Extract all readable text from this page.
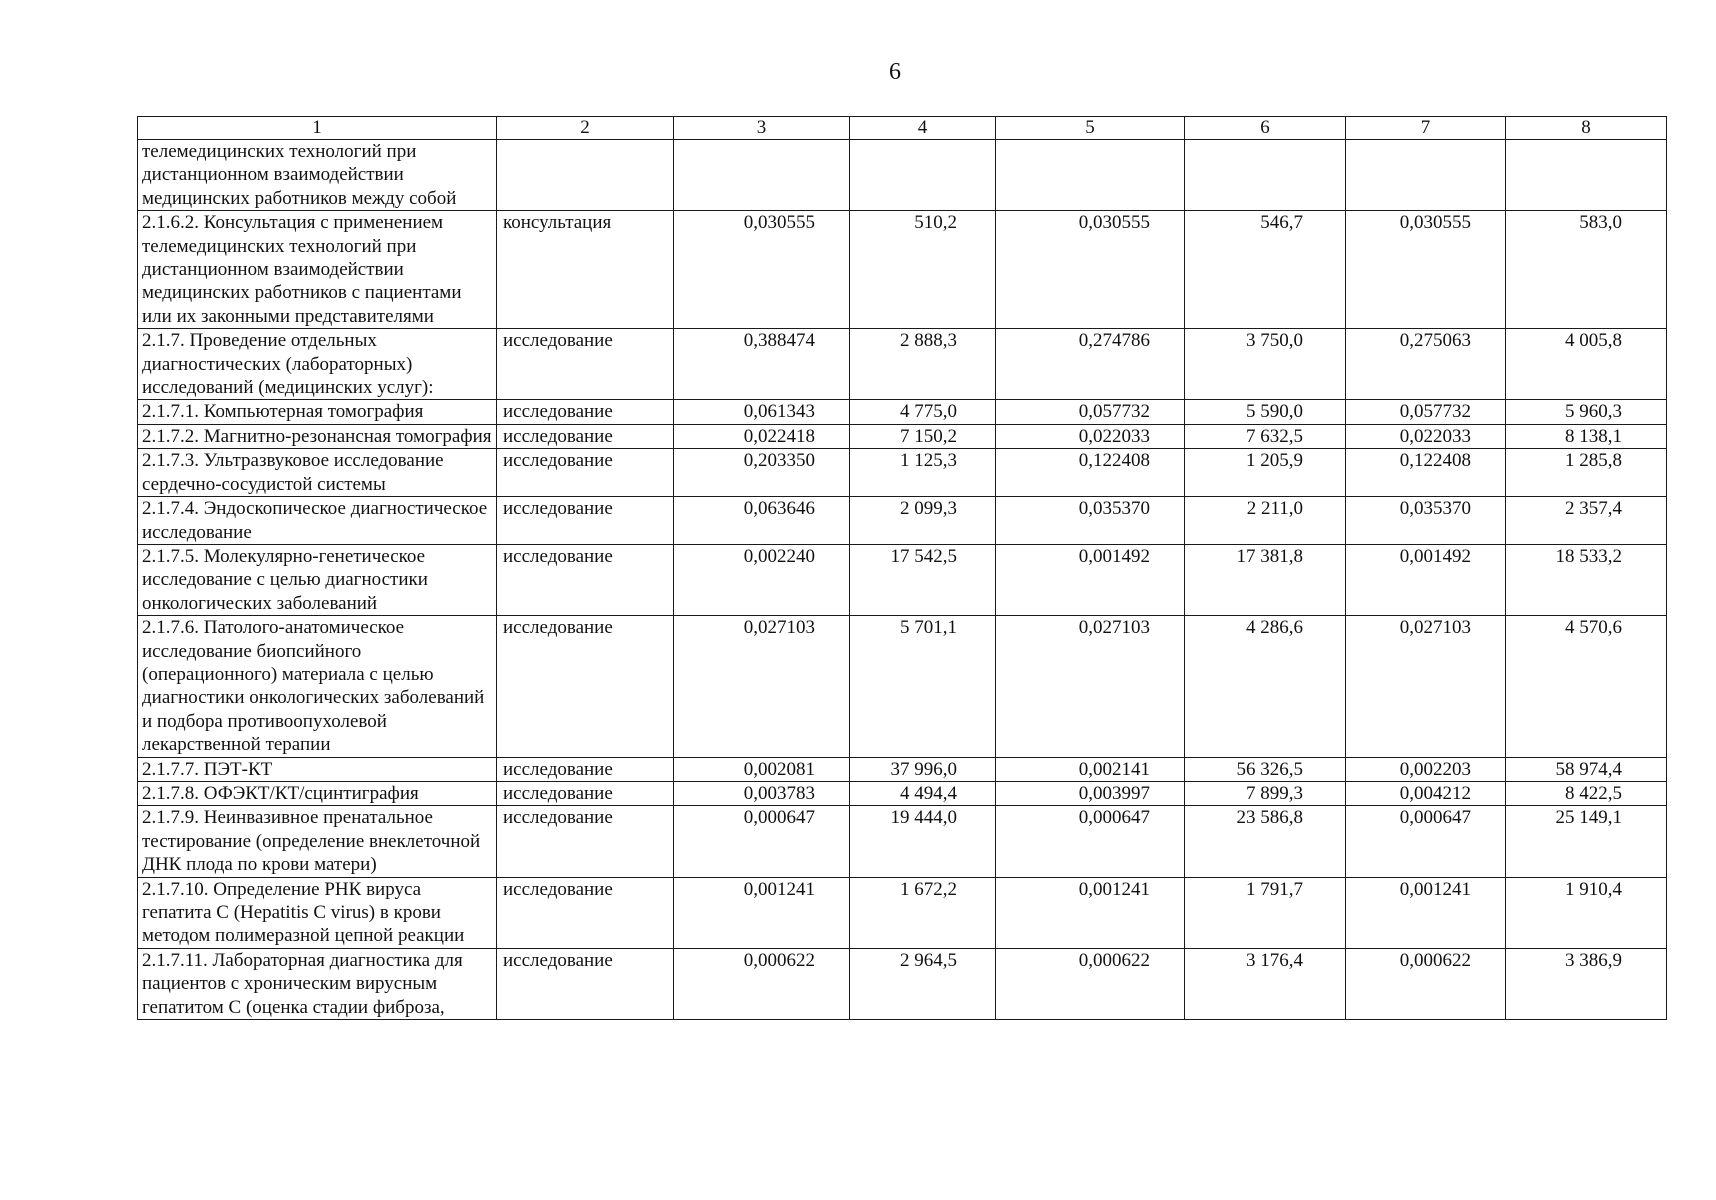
6
1	2	3	4	5	6	7	8
телемедицинских технологий при дистанционном взаимодействии медицинских работников между собой							
2.1.6.2. Консультация с применением телемедицинских технологий при дистанционном взаимодействии медицинских работников с пациентами или их законными представителями	консультация	0,030555	510,2	0,030555	546,7	0,030555	583,0
2.1.7. Проведение отдельных диагностических (лабораторных) исследований (медицинских услуг):	исследование	0,388474	2 888,3	0,274786	3 750,0	0,275063	4 005,8
2.1.7.1. Компьютерная томография	исследование	0,061343	4 775,0	0,057732	5 590,0	0,057732	5 960,3
2.1.7.2. Магнитно-резонансная томография	исследование	0,022418	7 150,2	0,022033	7 632,5	0,022033	8 138,1
2.1.7.3. Ультразвуковое исследование сердечно-сосудистой системы	исследование	0,203350	1 125,3	0,122408	1 205,9	0,122408	1 285,8
2.1.7.4. Эндоскопическое диагностическое исследование	исследование	0,063646	2 099,3	0,035370	2 211,0	0,035370	2 357,4
2.1.7.5. Молекулярно-генетическое исследование с целью диагностики онкологических заболеваний	исследование	0,002240	17 542,5	0,001492	17 381,8	0,001492	18 533,2
2.1.7.6. Патолого-анатомическое исследование биопсийного (операционного) материала с целью диагностики онкологических заболеваний и подбора противоопухолевой лекарственной терапии	исследование	0,027103	5 701,1	0,027103	4 286,6	0,027103	4 570,6
2.1.7.7. ПЭТ-КТ	исследование	0,002081	37 996,0	0,002141	56 326,5	0,002203	58 974,4
2.1.7.8. ОФЭКТ/КТ/сцинтиграфия	исследование	0,003783	4 494,4	0,003997	7 899,3	0,004212	8 422,5
2.1.7.9. Неинвазивное пренатальное тестирование (определение внеклеточной ДНК плода по крови матери)	исследование	0,000647	19 444,0	0,000647	23 586,8	0,000647	25 149,1
2.1.7.10. Определение РНК вируса гепатита С (Hepatitis C virus) в крови методом полимеразной цепной реакции	исследование	0,001241	1 672,2	0,001241	1 791,7	0,001241	1 910,4
2.1.7.11. Лабораторная диагностика для пациентов с хроническим вирусным гепатитом С (оценка стадии фиброза,	исследование	0,000622	2 964,5	0,000622	3 176,4	0,000622	3 386,9
